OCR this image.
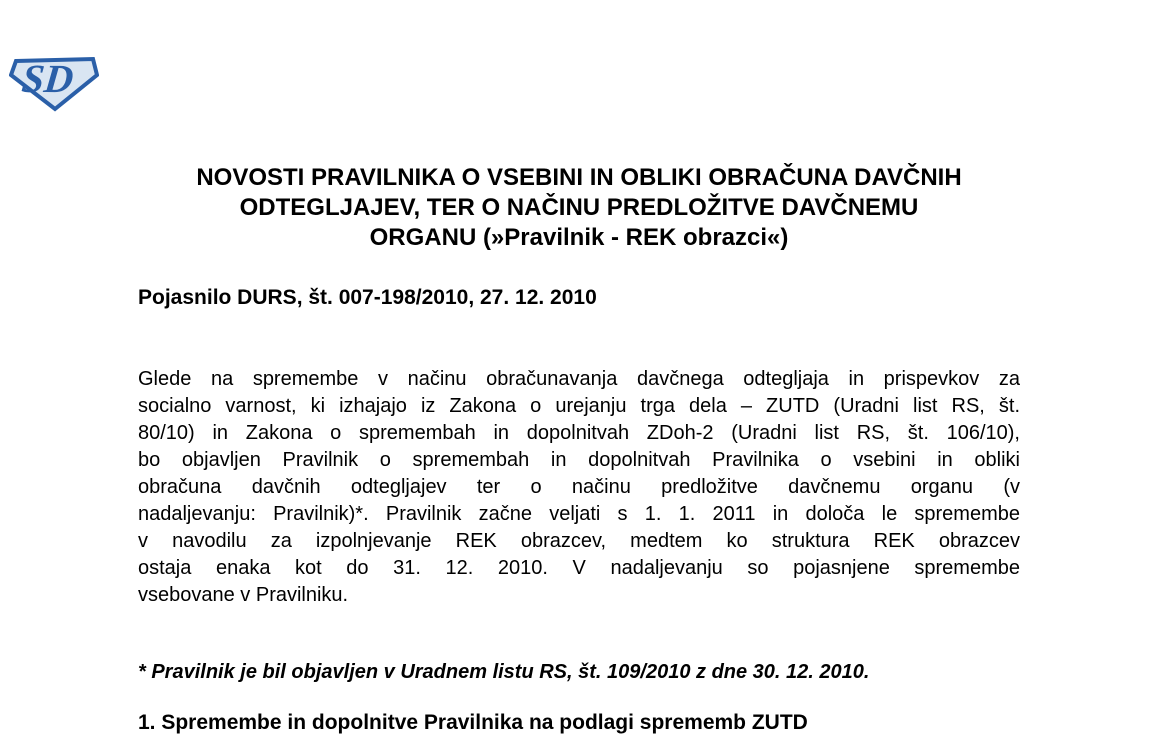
SD
NOVOSTI PRAVILNIKA O VSEBINI IN OBLIKI OBRAČUNA DAVČNIH
ODTEGLJAJEV, TER O NAČINU PREDLOŽITVE DAVČNEMU
ORGANU (»Pravilnik - REK obrazci«)

Pojasnilo DURS, št. 007-198/2010, 27. 12. 2010

Glede na spremembe v načinu obračunavanja davčnega odtegljaja in prispevkov za
socialno varnost, ki izhajajo iz Zakona o urejanju trga dela – ZUTD (Uradni list RS, št.
80/10) in Zakona o spremembah in dopolnitvah ZDoh-2 (Uradni list RS, št. 106/10),
bo objavljen Pravilnik o spremembah in dopolnitvah Pravilnika o vsebini in obliki
obračuna davčnih odtegljajev ter o načinu predložitve davčnemu organu (v
nadaljevanju: Pravilnik)*. Pravilnik začne veljati s 1. 1. 2011 in določa le spremembe
v navodilu za izpolnjevanje REK obrazcev, medtem ko struktura REK obrazcev
ostaja enaka kot do 31. 12. 2010. V nadaljevanju so pojasnjene spremembe
vsebovane v Pravilniku.

* Pravilnik je bil objavljen v Uradnem listu RS, št. 109/2010 z dne 30. 12. 2010.

1. Spremembe in dopolnitve Pravilnika na podlagi sprememb ZUTD
